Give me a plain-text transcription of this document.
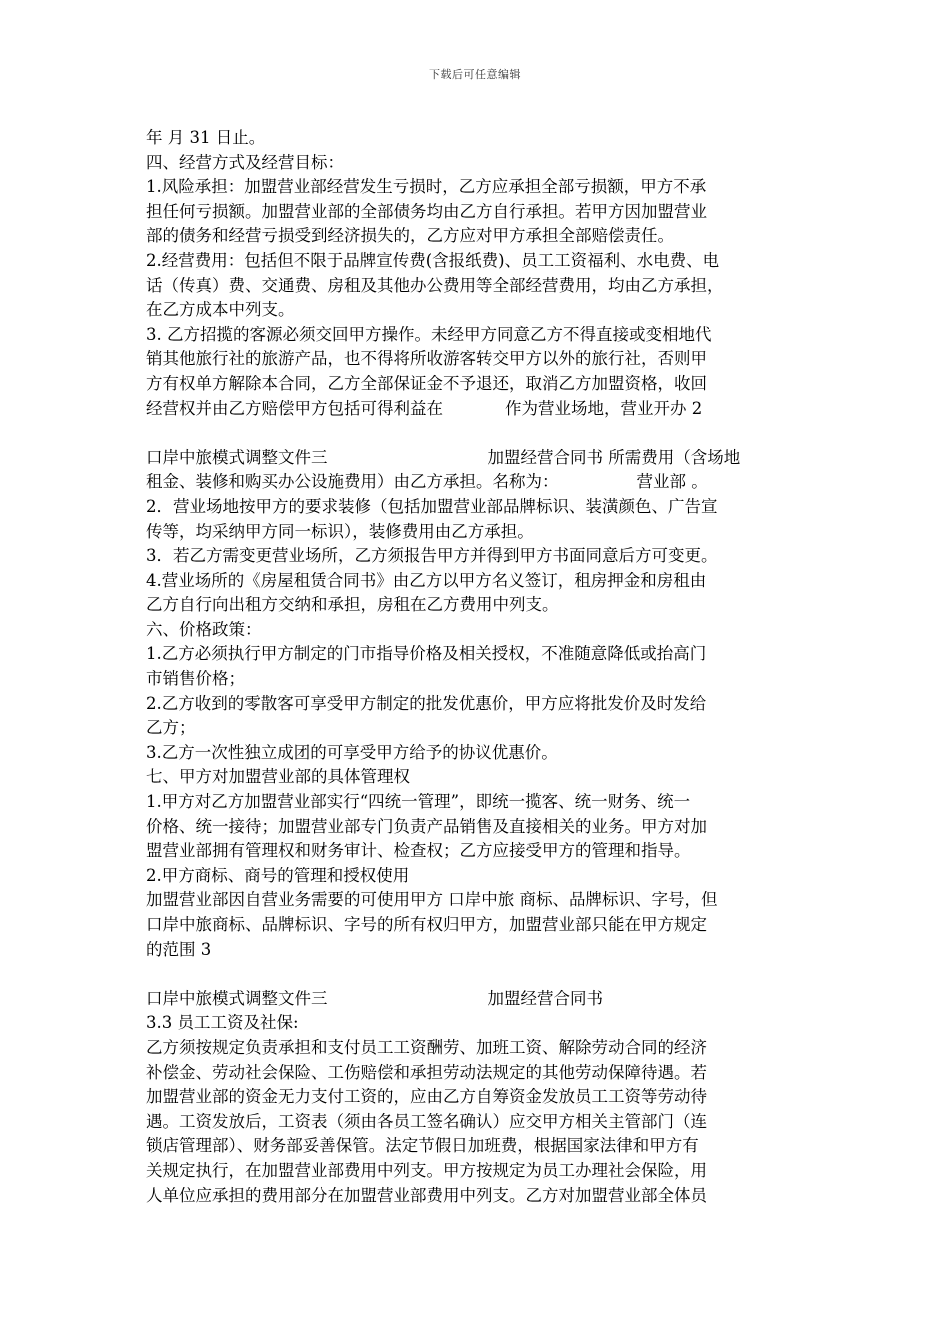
下载后可任意编辑
年 月 31 日止。
四、经营方式及经营目标：
1.风险承担：加盟营业部经营发生亏损时，乙方应承担全部亏损额，甲方不承
担任何亏损额。加盟营业部的全部债务均由乙方自行承担。若甲方因加盟营业
部的债务和经营亏损受到经济损失的，乙方应对甲方承担全部赔偿责任。
2.经营费用：包括但不限于品牌宣传费(含报纸费)、员工工资福利、水电费、电
话（传真）费、交通费、房租及其他办公费用等全部经营费用，均由乙方承担，
在乙方成本中列支。
3. 乙方招揽的客源必须交回甲方操作。未经甲方同意乙方不得直接或变相地代
销其他旅行社的旅游产品，也不得将所收游客转交甲方以外的旅行社，否则甲
方有权单方解除本合同，乙方全部保证金不予退还，取消乙方加盟资格，收回
经营权并由乙方赔偿甲方包括可得利益在	作为营业场地，营业开办 2
口岸中旅模式调整文件三	加盟经营合同书 所需费用（含场地
租金、装修和购买办公设施费用）由乙方承担。名称为：	营业部 。
2．营业场地按甲方的要求装修（包括加盟营业部品牌标识、装潢颜色、广告宣
传等，均采纳甲方同一标识），装修费用由乙方承担。
3．若乙方需变更营业场所，乙方须报告甲方并得到甲方书面同意后方可变更。
4.营业场所的《房屋租赁合同书》由乙方以甲方名义签订，租房押金和房租由
乙方自行向出租方交纳和承担，房租在乙方费用中列支。
六、价格政策：
1.乙方必须执行甲方制定的门市指导价格及相关授权，不准随意降低或抬高门
市销售价格；
2.乙方收到的零散客可享受甲方制定的批发优惠价，甲方应将批发价及时发给
乙方；
3.乙方一次性独立成团的可享受甲方给予的协议优惠价。
七、甲方对加盟营业部的具体管理权
1.甲方对乙方加盟营业部实行“四统一管理”，即统一揽客、统一财务、统一
价格、统一接待；加盟营业部专门负责产品销售及直接相关的业务。甲方对加
盟营业部拥有管理权和财务审计、检查权；乙方应接受甲方的管理和指导。
2.甲方商标、商号的管理和授权使用
加盟营业部因自营业务需要的可使用甲方 口岸中旅 商标、品牌标识、字号，但
口岸中旅商标、品牌标识、字号的所有权归甲方，加盟营业部只能在甲方规定
的范围 3
口岸中旅模式调整文件三	加盟经营合同书
3.3 员工工资及社保:
乙方须按规定负责承担和支付员工工资酬劳、加班工资、解除劳动合同的经济
补偿金、劳动社会保险、工伤赔偿和承担劳动法规定的其他劳动保障待遇。若
加盟营业部的资金无力支付工资的，应由乙方自筹资金发放员工工资等劳动待
遇。工资发放后，工资表（须由各员工签名确认）应交甲方相关主管部门（连
锁店管理部）、财务部妥善保管。法定节假日加班费，根据国家法律和甲方有
关规定执行，在加盟营业部费用中列支。甲方按规定为员工办理社会保险，用
人单位应承担的费用部分在加盟营业部费用中列支。乙方对加盟营业部全体员
